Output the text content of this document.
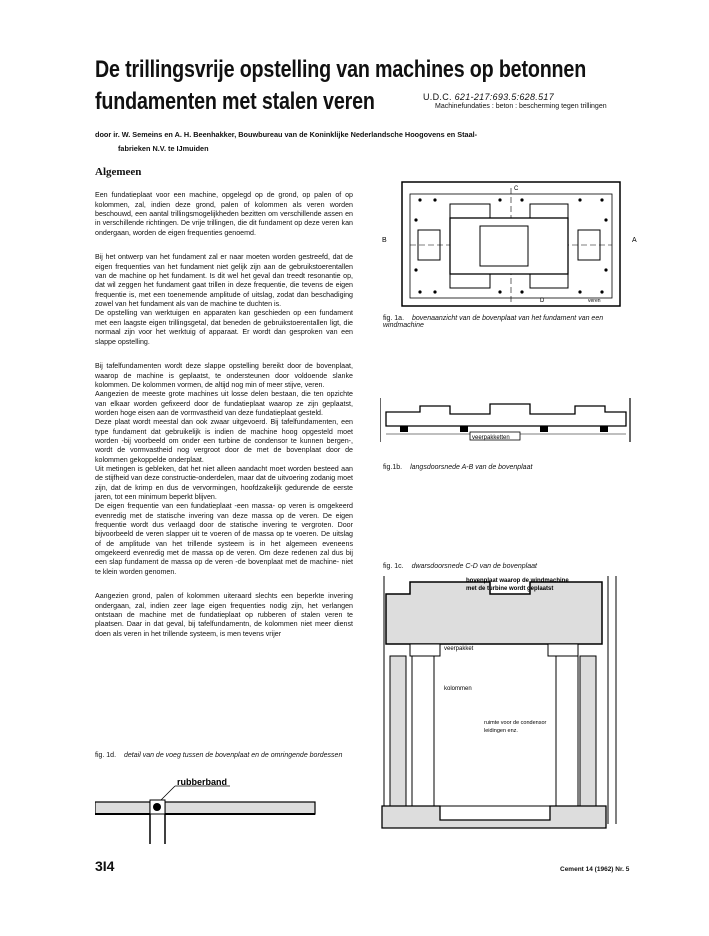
De trillingsvrije opstelling van machines op betonnen
fundamenten met stalen veren	U.D.C. 621-217:693.5:628.517
Machinefundaties : beton : bescherming tegen trillingen
door ir. W. Semeins en A. H. Beenhakker, Bouwbureau van de Koninklijke Nederlandsche Hoogovens en Staal-
fabrieken N.V. te IJmuiden
Algemeen

Een fundatieplaat voor een machine, opgelegd op de grond, op palen of op kolommen, zal, indien deze grond, palen of kolommen als veren worden beschouwd, een aantal trillingsmogelijkheden bezitten om verschillende assen en in verschillende richtingen. De vrije trillingen, die dit fundament op deze veren kan ondergaan, worden de eigen frequenties genoemd.

Bij het ontwerp van het fundament zal er naar moeten worden gestreefd, dat de eigen frequenties van het fundament niet gelijk zijn aan de gebruikstoerentallen van de machine op het fundament. Is dit wel het geval dan treedt resonantie op, dat wil zeggen het fundament gaat trillen in deze frequentie, die tevens de eigen frequentie is, met een toenemende amplitude of uitslag, zodat dan beschadiging zowel van het fundament als van de machine te duchten is.
De opstelling van werktuigen en apparaten kan geschieden op een fundament met een laagste eigen trillingsgetal, dat beneden de gebruikstoerentallen ligt, die normaal zijn voor het werktuig of apparaat. Er wordt dan gesproken van een slappe opstelling.

Bij tafelfundamenten wordt deze slappe opstelling bereikt door de bovenplaat, waarop de machine is geplaatst, te ondersteunen door voldoende slanke kolommen. De kolommen vormen, de altijd nog min of meer stijve, veren.
Aangezien de meeste grote machines uit losse delen bestaan, die ten opzichte van elkaar worden gefixeerd door de fundatieplaat waarop ze zijn geplaatst, worden hoge eisen aan de vormvastheid van deze fundatieplaat gesteld.
Deze plaat wordt meestal dan ook zwaar uitgevoerd. Bij tafelfundamenten, een type fundament dat gebruikelijk is indien de machine hoog opgesteld moet worden -bij voorbeeld om onder een turbine de condensor te kunnen bergen-, wordt de vormvastheid nog vergroot door de met de bovenplaat door de kolommen gekoppelde onderplaat.
Uit metingen is gebleken, dat het niet alleen aandacht moet worden besteed aan de stijfheid van deze constructie-onderdelen, maar dat de uitvoering zodanig moet zijn, dat de krimp en dus de vervormingen, hoofdzakelijk gedurende de eerste jaren, tot een minimum beperkt blijven.
De eigen frequentie van een fundatieplaat -een massa- op veren is omgekeerd evenredig met de statische invering van deze massa op de veren. De eigen frequentie wordt dus verlaagd door de statische invering te vergroten. Door bijvoorbeeld de veren slapper uit te voeren of de massa op te voeren. De uitslag of de amplitude van het trillende systeem is in het algemeen eveneens omgekeerd evenredig met de massa op de veren. Om deze redenen zal dus bij een slap fundament de massa op de veren -de bovenplaat met de machine- niet te klein worden genomen.

Aangezien grond, palen of kolommen uiteraard slechts een beperkte invering ondergaan, zal, indien zeer lage eigen frequenties nodig zijn, het verlangen ontstaan de machine met de fundatieplaat op rubberen of stalen veren te plaatsen. Daar in dat geval, bij tafelfundamentn, de kolommen niet meer dienst doen als veren in het trillende systeem, is men tevens vrijer

fig. 1d. detail van de voeg tussen de bovenplaat en de omringende bordessen
rubberband
B	A
C
D	veren
fig. 1a. bovenaanzicht van de bovenplaat van het fundament van een windmachine
veerpakketten
fig.1b. langsdoorsnede A-B van de bovenplaat
fig. 1c. dwarsdoorsnede C-D van de bovenplaat
bovenplaat waarop de windmachine
met de turbine wordt geplaatst
veerpakket
kolommen
ruimte voor de condensor
leidingen enz.
3I4	Cement 14 (1962) Nr. 5
